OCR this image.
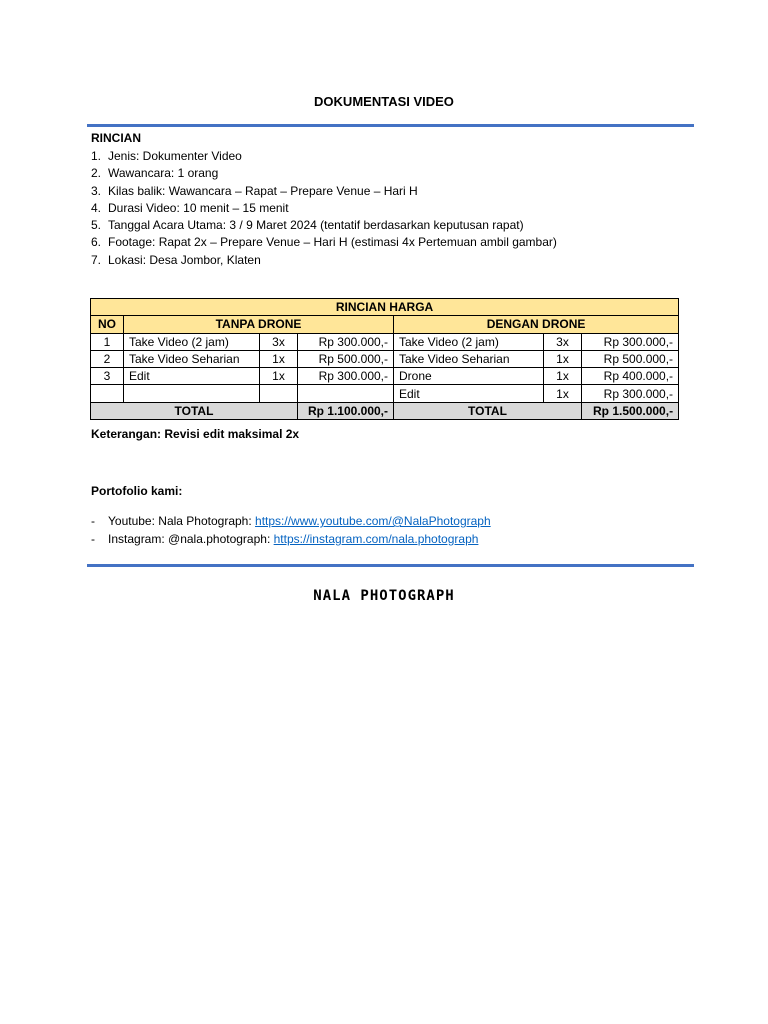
DOKUMENTASI VIDEO
RINCIAN
1. Jenis: Dokumenter Video
2. Wawancara: 1 orang
3. Kilas balik: Wawancara – Rapat – Prepare Venue – Hari H
4. Durasi Video: 10 menit – 15 menit
5. Tanggal Acara Utama: 3 / 9 Maret 2024 (tentatif berdasarkan keputusan rapat)
6. Footage: Rapat 2x – Prepare Venue – Hari H (estimasi 4x Pertemuan ambil gambar)
7. Lokasi: Desa Jombor, Klaten
RINCIAN HARGA						
NO	TANPA DRONE			DENGAN DRONE		
1	Take Video (2 jam)	3x	Rp 300.000,-	Take Video (2 jam)	3x	Rp 300.000,-
2	Take Video Seharian	1x	Rp 500.000,-	Take Video Seharian	1x	Rp 500.000,-
3	Edit	1x	Rp 300.000,-	Drone	1x	Rp 400.000,-
				Edit	1x	Rp 300.000,-
TOTAL			Rp 1.100.000,-	TOTAL		Rp 1.500.000,-
Keterangan: Revisi edit maksimal 2x
Portofolio kami:
- Youtube: Nala Photograph: https://www.youtube.com/@NalaPhotograph
- Instagram: @nala.photograph: https://instagram.com/nala.photograph
NALA PHOTOGRAPH
